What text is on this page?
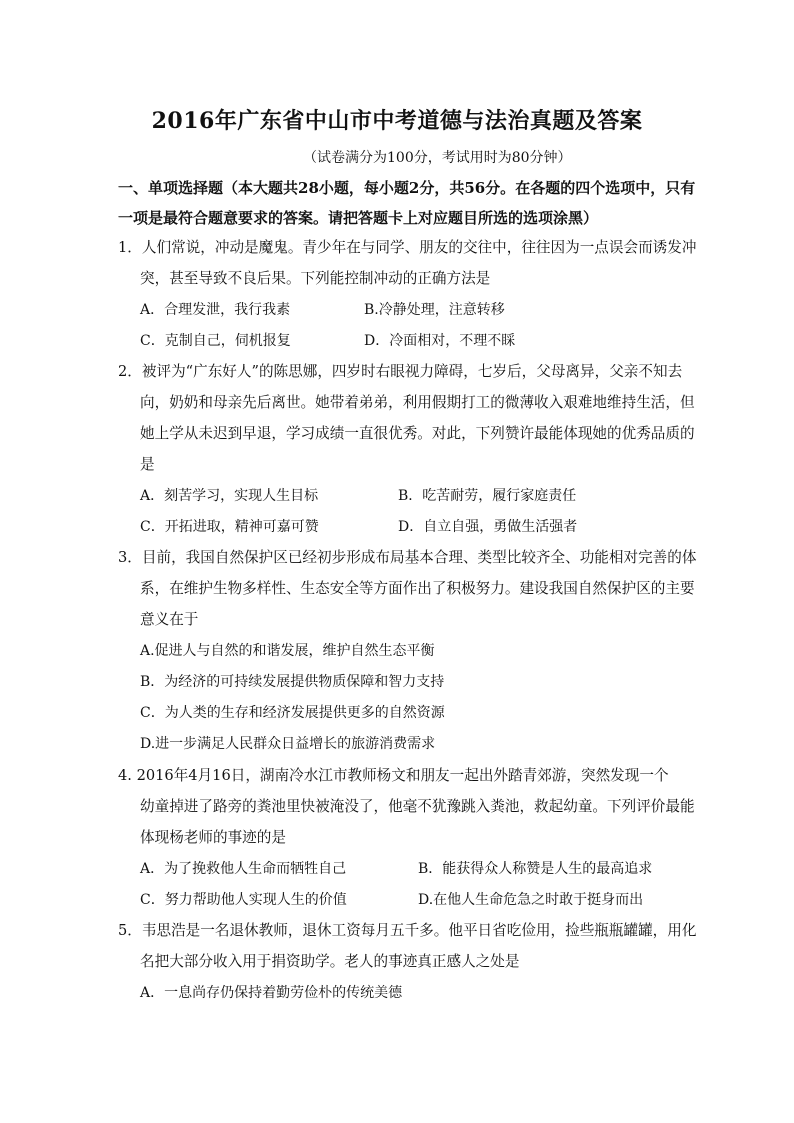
2016年广东省中山市中考道德与法治真题及答案
（试卷满分为100分，考试用时为80分钟）
一、单项选择题（本大题共28小题，每小题2分，共56分。在各题的四个选项中，只有
一项是最符合题意要求的答案。请把答题卡上对应题目所选的选项涂黑）
1．人们常说，冲动是魔鬼。青少年在与同学、朋友的交往中，往往因为一点误会而诱发冲
突，甚至导致不良后果。下列能控制冲动的正确方法是
A．合理发泄，我行我素	B.冷静处理，注意转移
C．克制自己，伺机报复	D．冷面相对，不理不睬
2．被评为“广东好人”的陈思娜，四岁时右眼视力障碍，七岁后，父母离异，父亲不知去
向，奶奶和母亲先后离世。她带着弟弟，利用假期打工的微薄收入艰难地维持生活，但
她上学从未迟到早退，学习成绩一直很优秀。对此，下列赞许最能体现她的优秀品质的
是
A．刻苦学习，实现人生目标	B．吃苦耐劳，履行家庭责任
C．开拓进取，精神可嘉可赞	D．自立自强，勇做生活强者
3．目前，我国自然保护区已经初步形成布局基本合理、类型比较齐全、功能相对完善的体
系，在维护生物多样性、生态安全等方面作出了积极努力。建设我国自然保护区的主要
意义在于
A.促进人与自然的和谐发展，维护自然生态平衡
B．为经济的可持续发展提供物质保障和智力支持
C．为人类的生存和经济发展提供更多的自然资源
D.进一步满足人民群众日益增长的旅游消费需求
4. 2016年4月16日，湖南冷水江市教师杨文和朋友一起出外踏青郊游，突然发现一个
幼童掉进了路旁的粪池里快被淹没了，他毫不犹豫跳入粪池，救起幼童。下列评价最能
体现杨老师的事迹的是
A．为了挽救他人生命而牺牲自己	B．能获得众人称赞是人生的最高追求
C．努力帮助他人实现人生的价值	D.在他人生命危急之时敢于挺身而出
5．韦思浩是一名退休教师，退休工资每月五千多。他平日省吃俭用，捡些瓶瓶罐罐，用化
名把大部分收入用于捐资助学。老人的事迹真正感人之处是
A．一息尚存仍保持着勤劳俭朴的传统美德
